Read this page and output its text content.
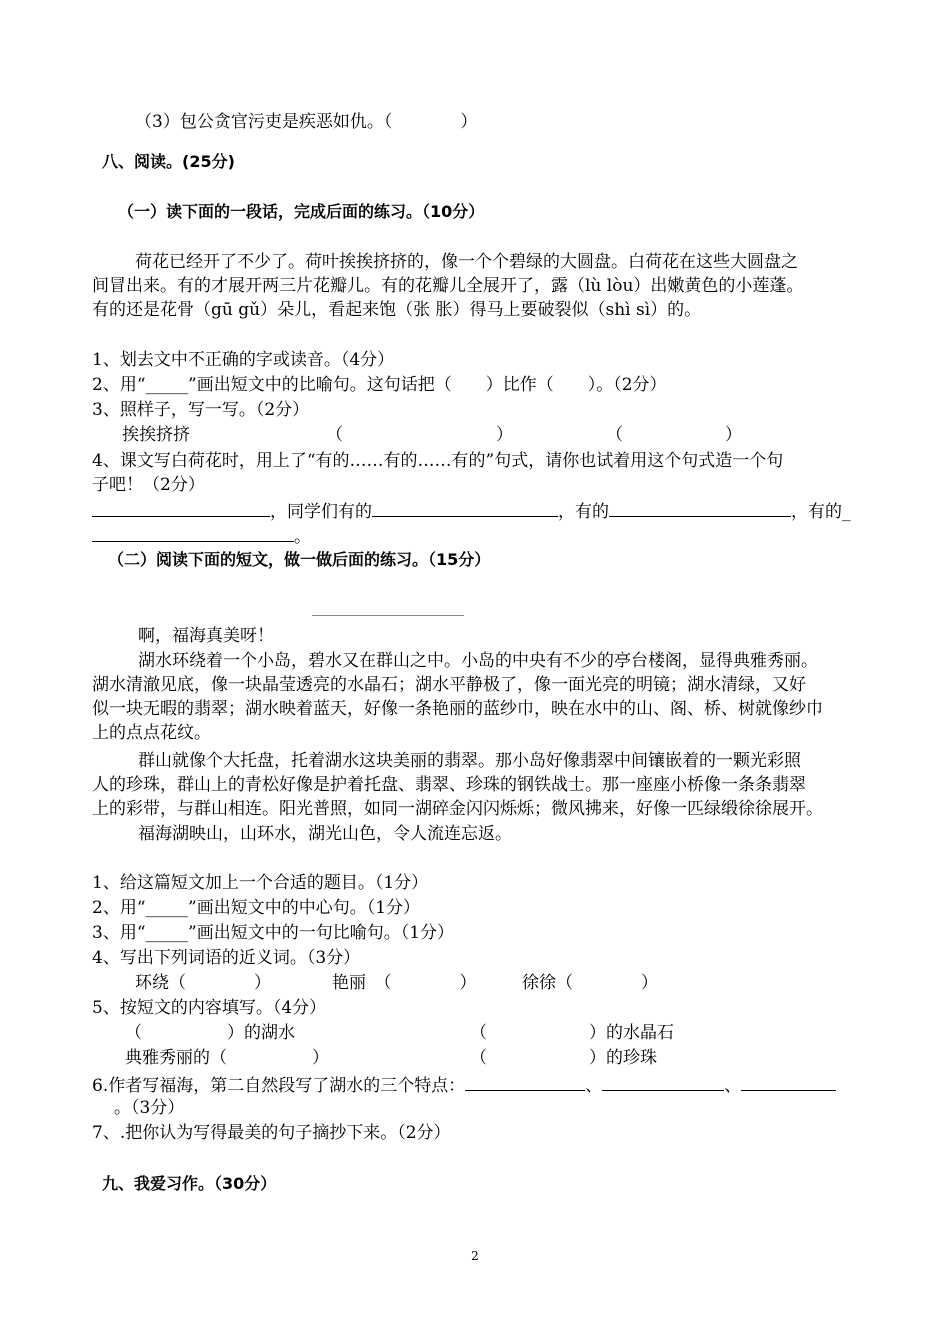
（3）包公贪官污吏是疾恶如仇。（　　　　）
八、阅读。(25分)
（一）读下面的一段话，完成后面的练习。（10分）
荷花已经开了不少了。荷叶挨挨挤挤的，像一个个碧绿的大圆盘。白荷花在这些大圆盘之
间冒出来。有的才展开两三片花瓣儿。有的花瓣儿全展开了，露（lù lòu）出嫩黄色的小莲蓬。
有的还是花骨（gū gǔ）朵儿，看起来饱（张 胀）得马上要破裂似（shì sì）的。
1、划去文中不正确的字或读音。（4分）
2、用“_____”画出短文中的比喻句。这句话把（　　）比作（　　）。（2分）
3、照样子，写一写。（2分）
挨挨挤挤	（　　　　　　　　　）	（　　　　　　）
4、课文写白荷花时，用上了“有的……有的……有的”句式，请你也试着用这个句式造一个句
子吧！（2分）
，同学们有的	，有的	，有的_
。
（二）阅读下面的短文，做一做后面的练习。（15分）
啊，福海真美呀！
湖水环绕着一个小岛，碧水又在群山之中。小岛的中央有不少的亭台楼阁，显得典雅秀丽。
湖水清澈见底，像一块晶莹透亮的水晶石；湖水平静极了，像一面光亮的明镜；湖水清绿，又好
似一块无暇的翡翠；湖水映着蓝天，好像一条艳丽的蓝纱巾，映在水中的山、阁、桥、树就像纱巾
上的点点花纹。
群山就像个大托盘，托着湖水这块美丽的翡翠。那小岛好像翡翠中间镶嵌着的一颗光彩照
人的珍珠，群山上的青松好像是护着托盘、翡翠、珍珠的钢铁战士。那一座座小桥像一条条翡翠
上的彩带，与群山相连。阳光普照，如同一湖碎金闪闪烁烁；微风拂来，好像一匹绿缎徐徐展开。
福海湖映山，山环水，湖光山色，令人流连忘返。
1、给这篇短文加上一个合适的题目。（1分）
2、用“_____”画出短文中的中心句。（1分）
3、用“_____”画出短文中的一句比喻句。（1分）
4、写出下列词语的近义词。（3分）
环绕（　　　　）	艳丽　（　　　　）	徐徐（　　　　）
5、按短文的内容填写。（4分）
（　　　　　）的湖水	（　　　　　　）的水晶石
典雅秀丽的（　　　　　）	（　　　　　　）的珍珠
6.作者写福海，第二自然段写了湖水的三个特点：	、	、
。（3分）
7、.把你认为写得最美的句子摘抄下来。（2分）
九、我爱习作。（30分）
2
